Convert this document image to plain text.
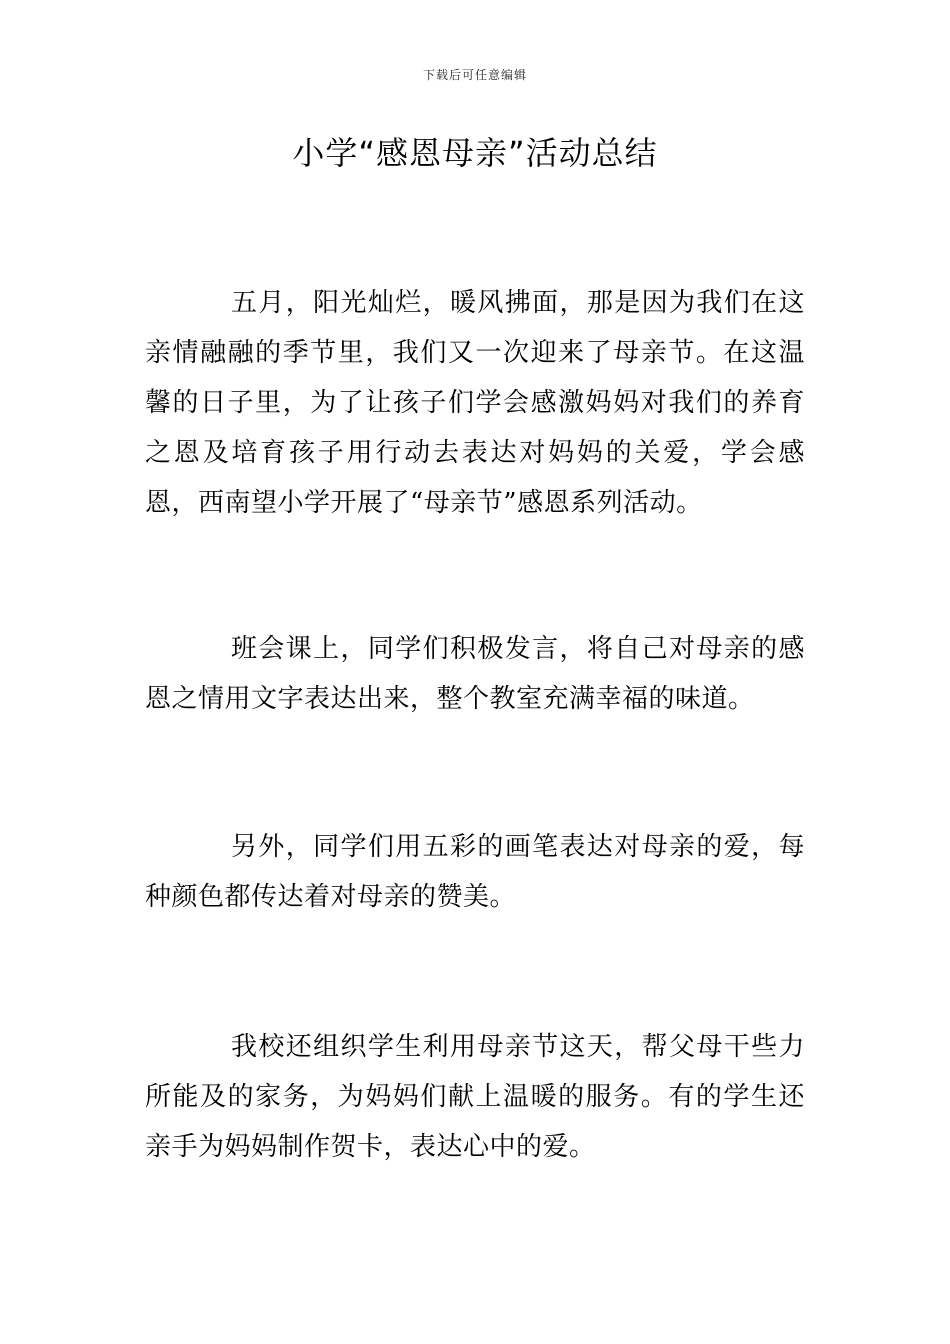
下载后可任意编辑
小学“感恩母亲”活动总结

五月，阳光灿烂，暖风拂面，那是因为我们在这亲情融融的季节里，我们又一次迎来了母亲节。在这温馨的日子里，为了让孩子们学会感激妈妈对我们的养育之恩及培育孩子用行动去表达对妈妈的关爱，学会感恩，西南望小学开展了“母亲节”感恩系列活动。

班会课上，同学们积极发言，将自己对母亲的感恩之情用文字表达出来，整个教室充满幸福的味道。

另外，同学们用五彩的画笔表达对母亲的爱，每种颜色都传达着对母亲的赞美。

我校还组织学生利用母亲节这天，帮父母干些力所能及的家务，为妈妈们献上温暖的服务。有的学生还亲手为妈妈制作贺卡，表达心中的爱。
